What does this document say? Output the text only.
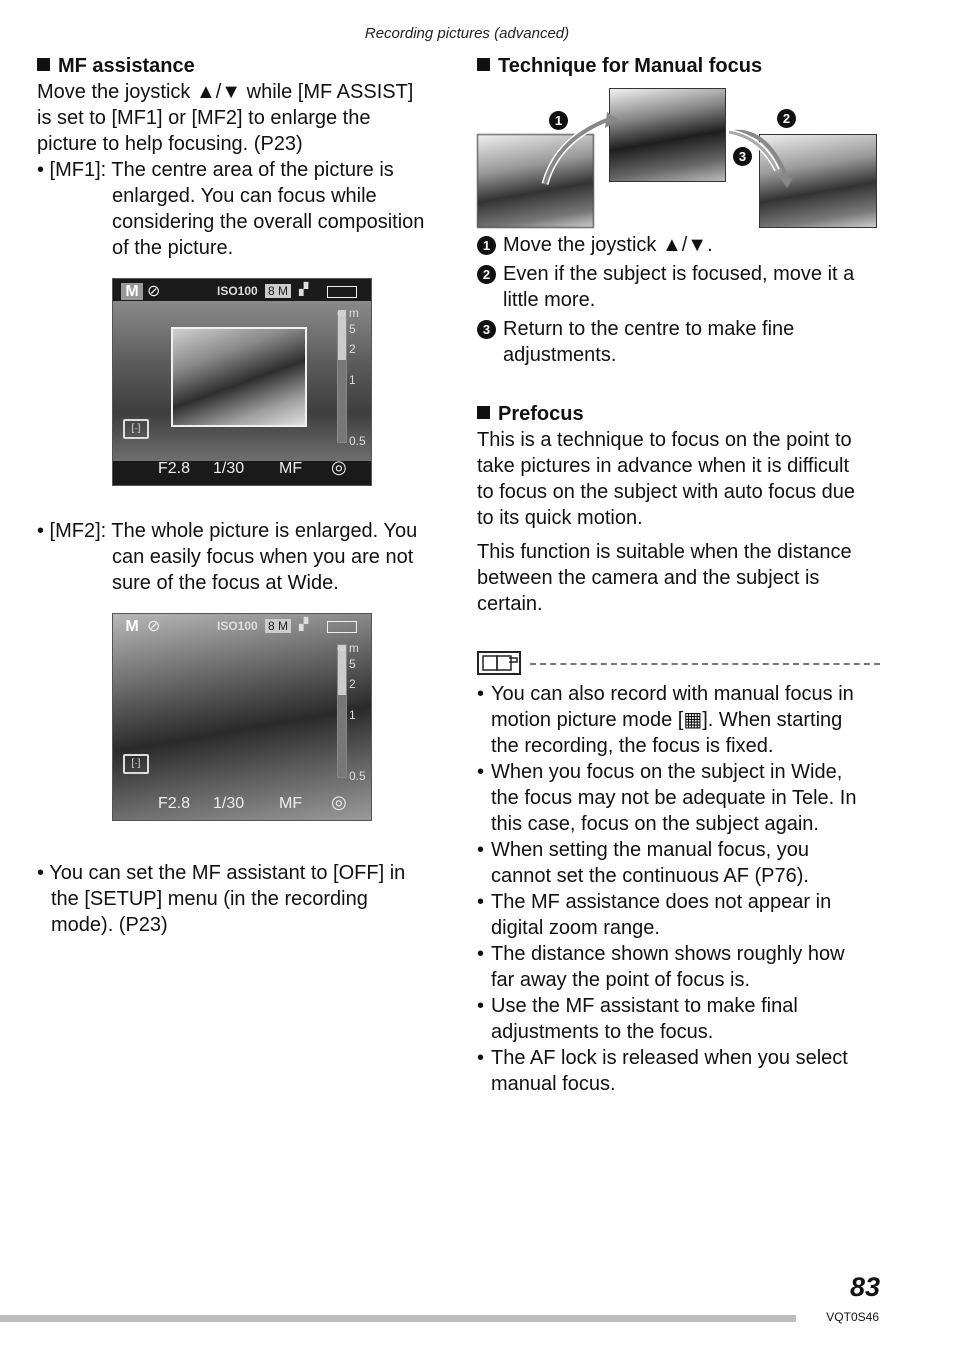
Recording pictures (advanced)
MF assistance
Move the joystick ▲/▼ while [MF ASSIST]
is set to [MF1] or [MF2] to enlarge the
picture to help focusing. (P23)
• [MF1]: The centre area of the picture is
enlarged. You can focus while
considering the overall composition
of the picture.
M ⊘	ISO100 8 M ▞
∞ m
5
2
1
0.5
[·]
F2.8 1/30 MF ◎
• [MF2]: The whole picture is enlarged. You
can easily focus when you are not
sure of the focus at Wide.
M ⊘	ISO100 8 M ▞
∞ m
5
2
1
0.5
[·]
F2.8 1/30 MF ◎
• You can set the MF assistant to [OFF] in
the [SETUP] menu (in the recording
mode). (P23)
Technique for Manual focus
1	2
3
1 Move the joystick ▲/▼.
2 Even if the subject is focused, move it a
little more.
3 Return to the centre to make fine
adjustments.
Prefocus
This is a technique to focus on the point to
take pictures in advance when it is difficult
to focus on the subject with auto focus due
to its quick motion.
This function is suitable when the distance
between the camera and the subject is
certain.
• You can also record with manual focus in
motion picture mode [▦]. When starting
the recording, the focus is fixed.
• When you focus on the subject in Wide,
the focus may not be adequate in Tele. In
this case, focus on the subject again.
• When setting the manual focus, you
cannot set the continuous AF (P76).
• The MF assistance does not appear in
digital zoom range.
• The distance shown shows roughly how
far away the point of focus is.
• Use the MF assistant to make final
adjustments to the focus.
• The AF lock is released when you select
manual focus.
83
VQT0S46
